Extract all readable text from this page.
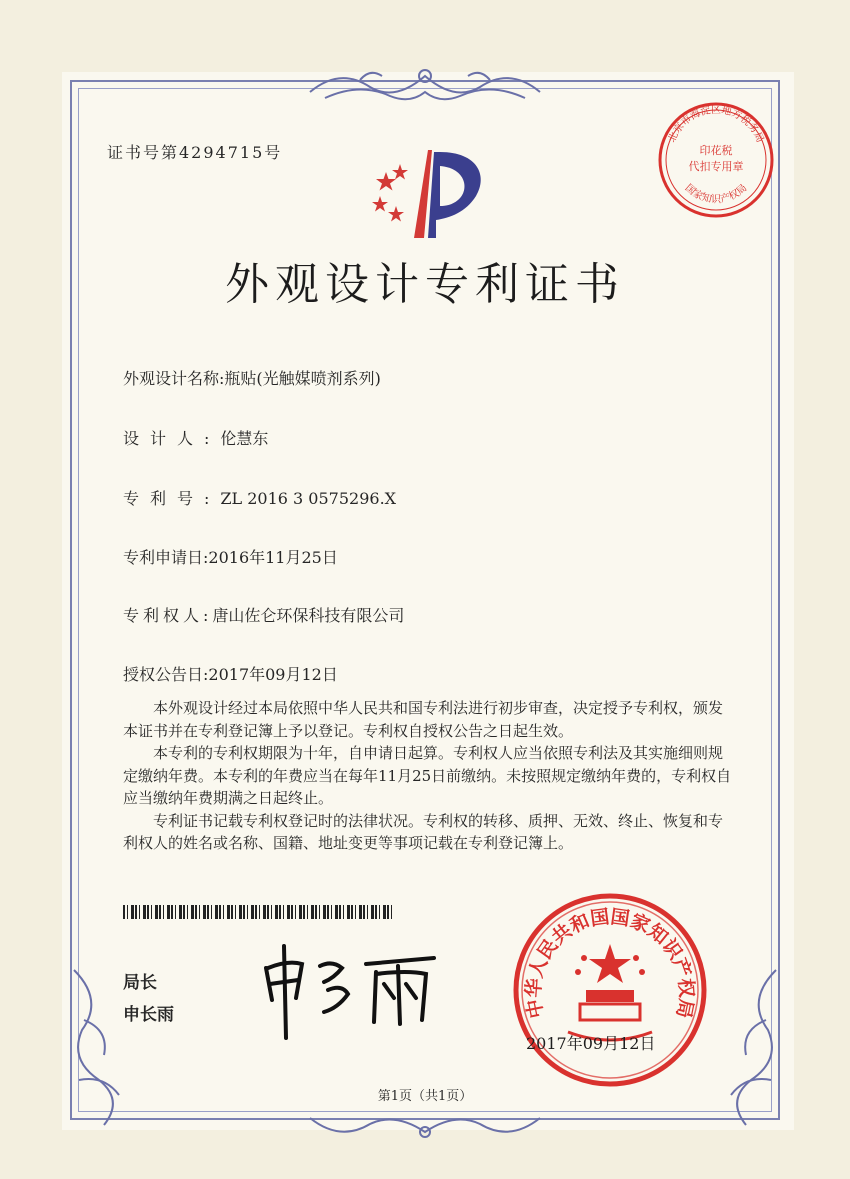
证书号第4294715号
外观设计专利证书
外观设计名称:瓶贴(光触媒喷剂系列)
设计人:伦慧东
专利号:ZL 2016 3 0575296.X
专利申请日:2016年11月25日
专利权人:唐山佐仑环保科技有限公司
授权公告日:2017年09月12日

本外观设计经过本局依照中华人民共和国专利法进行初步审查，决定授予专利权，颁发本证书并在专利登记簿上予以登记。专利权自授权公告之日起生效。

本专利的专利权期限为十年，自申请日起算。专利权人应当依照专利法及其实施细则规定缴纳年费。本专利的年费应当在每年11月25日前缴纳。未按照规定缴纳年费的，专利权自应当缴纳年费期满之日起终止。

专利证书记载专利权登记时的法律状况。专利权的转移、质押、无效、终止、恢复和专利权人的姓名或名称、国籍、地址变更等事项记载在专利登记簿上。

局长
申长雨	中华人民共和国国家知识产权局
北京市海淀区地方税务局
印花税
代扣专用章
国家知识产权局
2017年09月12日
第1页（共1页）
